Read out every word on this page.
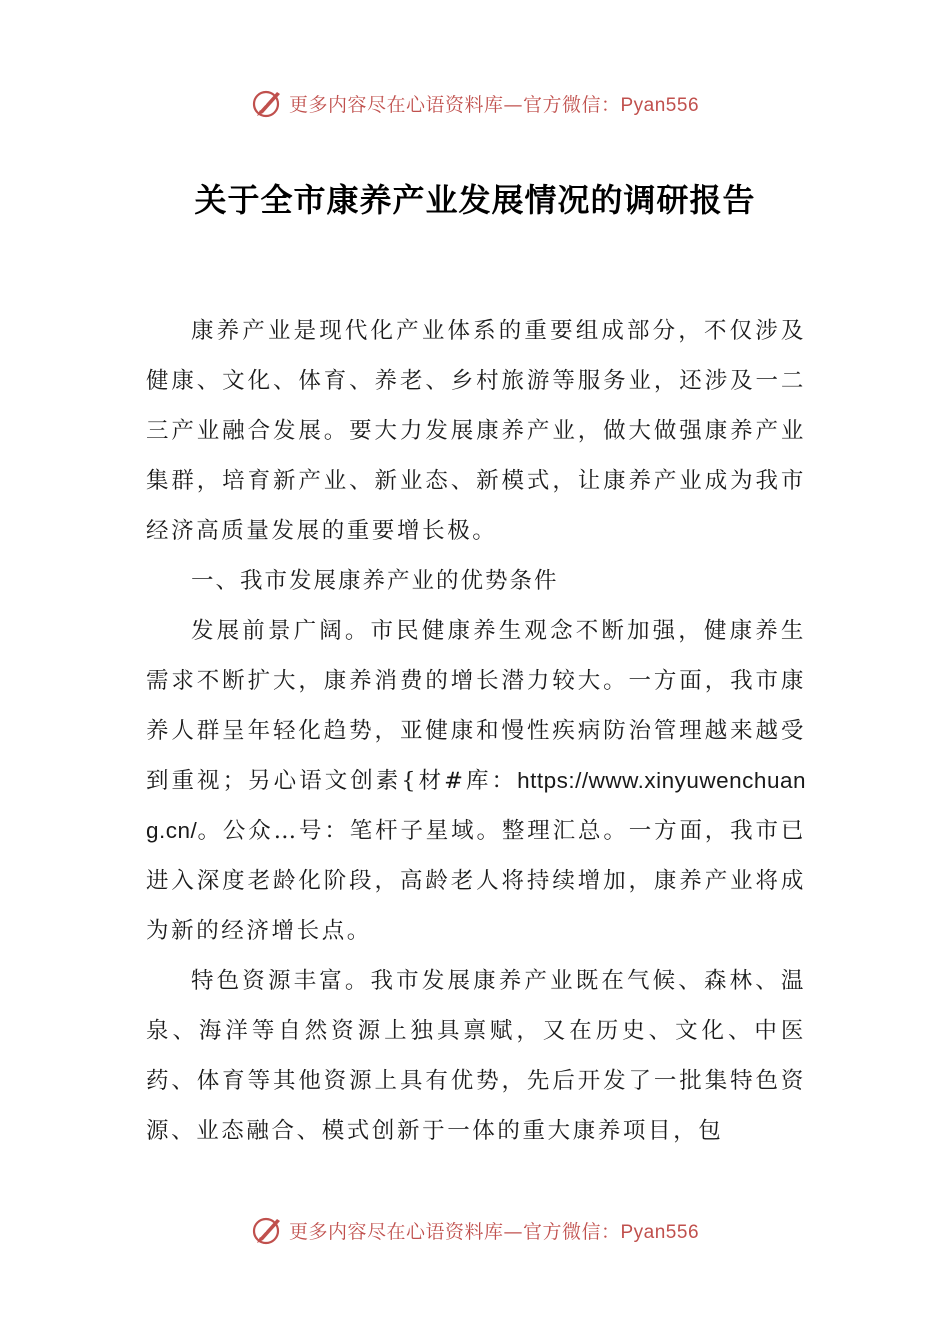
更多内容尽在心语资料库—官方微信：Pyan556
关于全市康养产业发展情况的调研报告

康养产业是现代化产业体系的重要组成部分，不仅涉及健康、文化、体育、养老、乡村旅游等服务业，还涉及一二三产业融合发展。要大力发展康养产业，做大做强康养产业集群，培育新产业、新业态、新模式，让康养产业成为我市经济高质量发展的重要增长极。

一、我市发展康养产业的优势条件

发展前景广阔。市民健康养生观念不断加强，健康养生需求不断扩大，康养消费的增长潜力较大。一方面，我市康养人群呈年轻化趋势，亚健康和慢性疾病防治管理越来越受到重视；另心语文创素{材#库：https://www.xinyuwenchuang.cn/。公众…号：笔杆子星域。整理汇总。一方面，我市已进入深度老龄化阶段，高龄老人将持续增加，康养产业将成为新的经济增长点。

特色资源丰富。我市发展康养产业既在气候、森林、温泉、海洋等自然资源上独具禀赋，又在历史、文化、中医药、体育等其他资源上具有优势，先后开发了一批集特色资源、业态融合、模式创新于一体的重大康养项目，包

更多内容尽在心语资料库—官方微信：Pyan556
